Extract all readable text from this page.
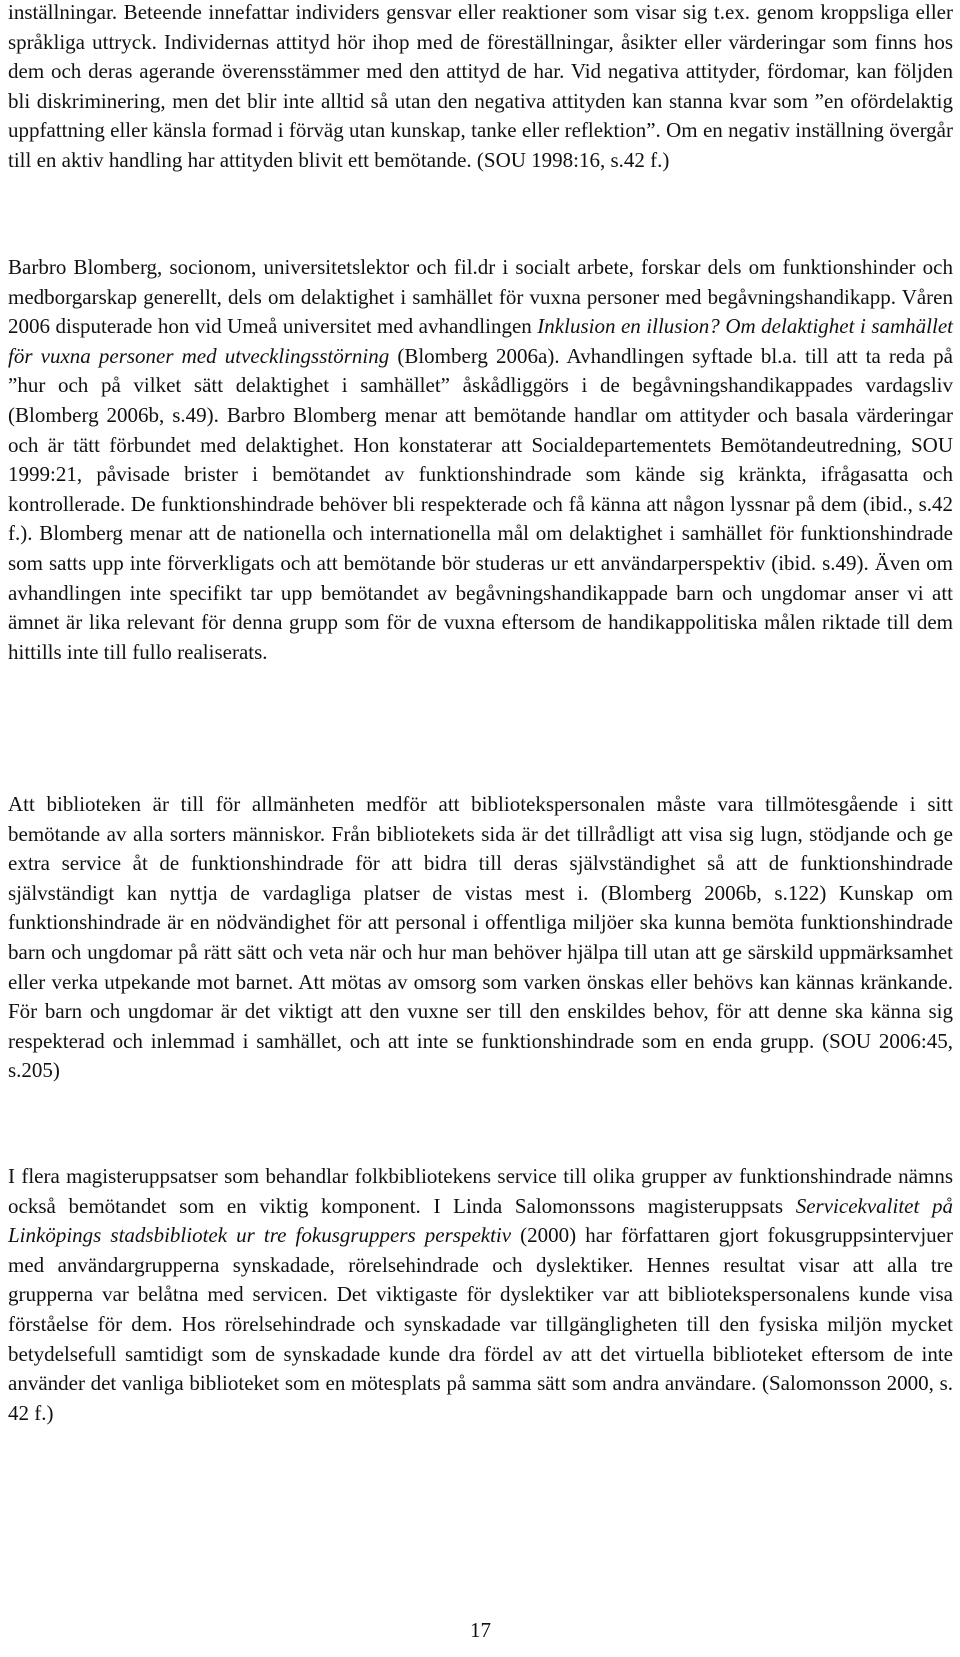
inställningar. Beteende innefattar individers gensvar eller reaktioner som visar sig t.ex. genom kroppsliga eller språkliga uttryck. Individernas attityd hör ihop med de föreställningar, åsikter eller värderingar som finns hos dem och deras agerande överensstämmer med den attityd de har. Vid negativa attityder, fördomar, kan följden bli diskriminering, men det blir inte alltid så utan den negativa attityden kan stanna kvar som ”en ofördelaktig uppfattning eller känsla formad i förväg utan kunskap, tanke eller reflektion”. Om en negativ inställning övergår till en aktiv handling har attityden blivit ett bemötande. (SOU 1998:16, s.42 f.)

Barbro Blomberg, socionom, universitetslektor och fil.dr i socialt arbete, forskar dels om funktionshinder och medborgarskap generellt, dels om delaktighet i samhället för vuxna personer med begåvningshandikapp. Våren 2006 disputerade hon vid Umeå universitet med avhandlingen Inklusion en illusion? Om delaktighet i samhället för vuxna personer med utvecklingsstörning (Blomberg 2006a). Avhandlingen syftade bl.a. till att ta reda på ”hur och på vilket sätt delaktighet i samhället” åskådliggörs i de begåvningshandikappades vardagsliv (Blomberg 2006b, s.49). Barbro Blomberg menar att bemötande handlar om attityder och basala värderingar och är tätt förbundet med delaktighet. Hon konstaterar att Socialdepartementets Bemötandeutredning, SOU 1999:21, påvisade brister i bemötandet av funktionshindrade som kände sig kränkta, ifrågasatta och kontrollerade. De funktionshindrade behöver bli respekterade och få känna att någon lyssnar på dem (ibid., s.42 f.). Blomberg menar att de nationella och internationella mål om delaktighet i samhället för funktionshindrade som satts upp inte förverkligats och att bemötande bör studeras ur ett användarperspektiv (ibid. s.49). Även om avhandlingen inte specifikt tar upp bemötandet av begåvningshandikappade barn och ungdomar anser vi att ämnet är lika relevant för denna grupp som för de vuxna eftersom de handikappolitiska målen riktade till dem hittills inte till fullo realiserats.

Att biblioteken är till för allmänheten medför att bibliotekspersonalen måste vara tillmötesgående i sitt bemötande av alla sorters människor. Från bibliotekets sida är det tillrådligt att visa sig lugn, stödjande och ge extra service åt de funktionshindrade för att bidra till deras självständighet så att de funktionshindrade självständigt kan nyttja de vardagliga platser de vistas mest i. (Blomberg 2006b, s.122) Kunskap om funktionshindrade är en nödvändighet för att personal i offentliga miljöer ska kunna bemöta funktionshindrade barn och ungdomar på rätt sätt och veta när och hur man behöver hjälpa till utan att ge särskild uppmärksamhet eller verka utpekande mot barnet. Att mötas av omsorg som varken önskas eller behövs kan kännas kränkande. För barn och ungdomar är det viktigt att den vuxne ser till den enskildes behov, för att denne ska känna sig respekterad och inlemmad i samhället, och att inte se funktionshindrade som en enda grupp. (SOU 2006:45, s.205)

I flera magisteruppsatser som behandlar folkbibliotekens service till olika grupper av funktionshindrade nämns också bemötandet som en viktig komponent. I Linda Salomonssons magisteruppsats Servicekvalitet på Linköpings stadsbibliotek ur tre fokusgruppers perspektiv (2000) har författaren gjort fokusgruppsintervjuer med användargrupperna synskadade, rörelsehindrade och dyslektiker. Hennes resultat visar att alla tre grupperna var belåtna med servicen. Det viktigaste för dyslektiker var att bibliotekspersonalens kunde visa förståelse för dem. Hos rörelsehindrade och synskadade var tillgängligheten till den fysiska miljön mycket betydelsefull samtidigt som de synskadade kunde dra fördel av att det virtuella biblioteket eftersom de inte använder det vanliga biblioteket som en mötesplats på samma sätt som andra användare. (Salomonsson 2000, s. 42 f.)

17
